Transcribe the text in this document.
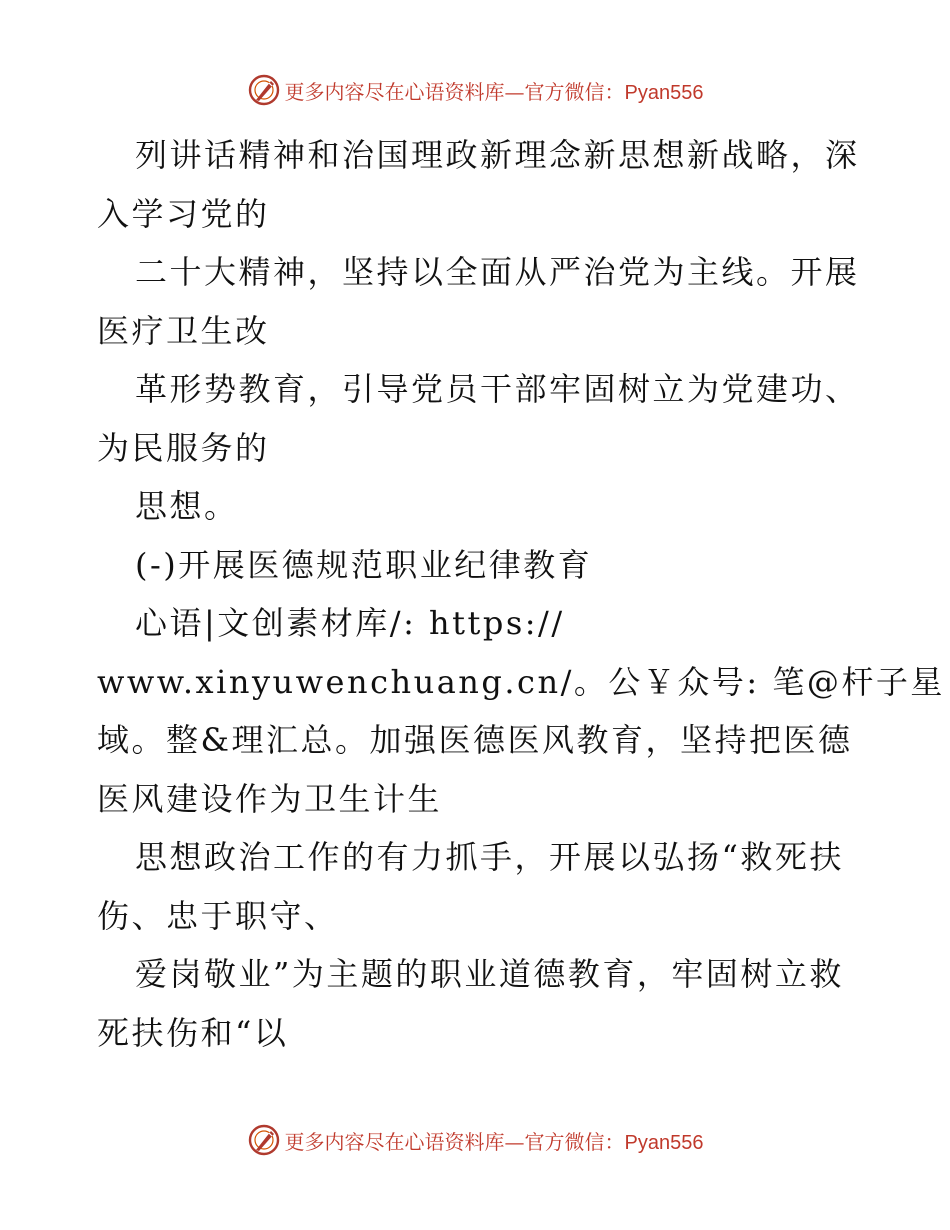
更多内容尽在心语资料库—官方微信：Pyan556
列讲话精神和治国理政新理念新思想新战略，深
入学习党的
二十大精神，坚持以全面从严治党为主线。开展
医疗卫生改
革形势教育，引导党员干部牢固树立为党建功、
为民服务的
思想。
(-)开展医德规范职业纪律教育
心语|文创素材库/: https://
www.xinyuwenchuang.cn/。公￥众号: 笔@杆子星
域。整&理汇总。加强医德医风教育，坚持把医德
医风建设作为卫生计生
思想政治工作的有力抓手，开展以弘扬“救死扶
伤、忠于职守、
爱岗敬业”为主题的职业道德教育，牢固树立救
死扶伤和“以
更多内容尽在心语资料库—官方微信：Pyan556
